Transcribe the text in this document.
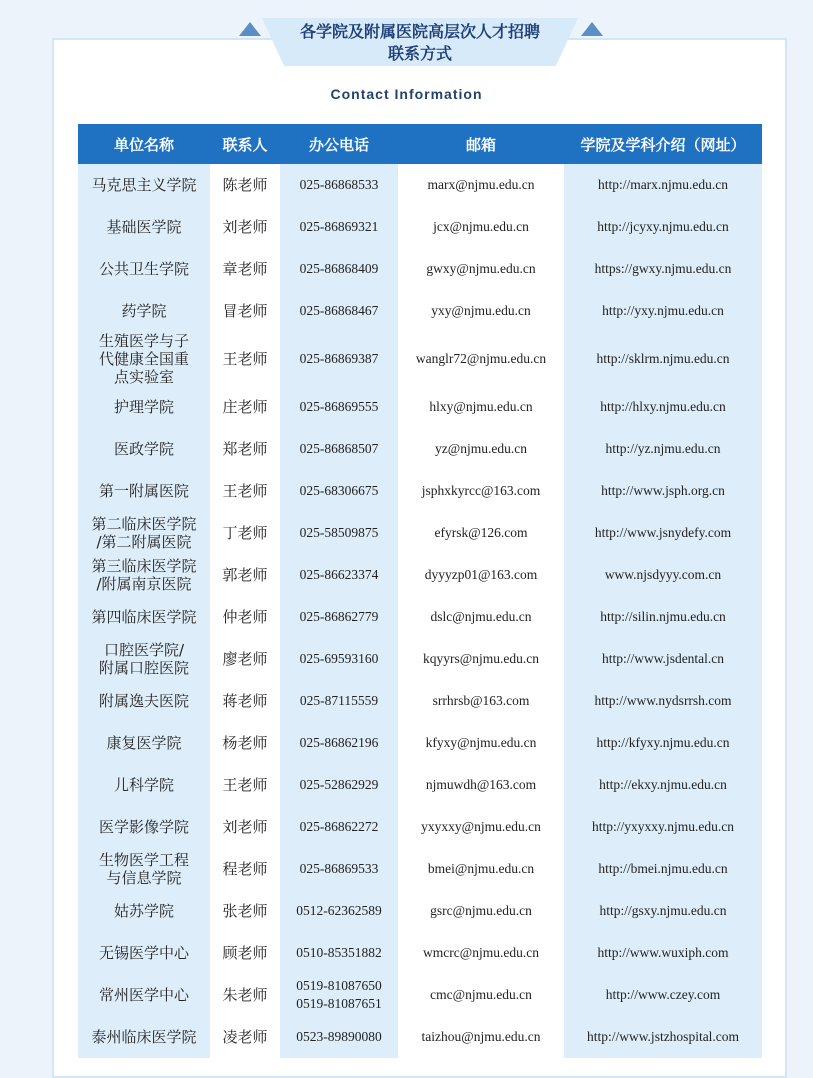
各学院及附属医院高层次人才招聘
联系方式
Contact Information
单位名称	联系人	办公电话	邮箱	学院及学科介绍（网址）
马克思主义学院	陈老师	025-86868533	marx@njmu.edu.cn	http://marx.njmu.edu.cn
基础医学院	刘老师	025-86869321	jcx@njmu.edu.cn	http://jcyxy.njmu.edu.cn
公共卫生学院	章老师	025-86868409	gwxy@njmu.edu.cn	https://gwxy.njmu.edu.cn
药学院	冒老师	025-86868467	yxy@njmu.edu.cn	http://yxy.njmu.edu.cn
生殖医学与子
代健康全国重
点实验室	王老师	025-86869387	wanglr72@njmu.edu.cn	http://sklrm.njmu.edu.cn
护理学院	庄老师	025-86869555	hlxy@njmu.edu.cn	http://hlxy.njmu.edu.cn
医政学院	郑老师	025-86868507	yz@njmu.edu.cn	http://yz.njmu.edu.cn
第一附属医院	王老师	025-68306675	jsphxkyrcc@163.com	http://www.jsph.org.cn
第二临床医学院
/第二附属医院	丁老师	025-58509875	efyrsk@126.com	http://www.jsnydefy.com
第三临床医学院
/附属南京医院	郭老师	025-86623374	dyyyzp01@163.com	www.njsdyyy.com.cn
第四临床医学院	仲老师	025-86862779	dslc@njmu.edu.cn	http://silin.njmu.edu.cn
口腔医学院/
附属口腔医院	廖老师	025-69593160	kqyyrs@njmu.edu.cn	http://www.jsdental.cn
附属逸夫医院	蒋老师	025-87115559	srrhrsb@163.com	http://www.nydsrrsh.com
康复医学院	杨老师	025-86862196	kfyxy@njmu.edu.cn	http://kfyxy.njmu.edu.cn
儿科学院	王老师	025-52862929	njmuwdh@163.com	http://ekxy.njmu.edu.cn
医学影像学院	刘老师	025-86862272	yxyxxy@njmu.edu.cn	http://yxyxxy.njmu.edu.cn
生物医学工程
与信息学院	程老师	025-86869533	bmei@njmu.edu.cn	http://bmei.njmu.edu.cn
姑苏学院	张老师	0512-62362589	gsrc@njmu.edu.cn	http://gsxy.njmu.edu.cn
无锡医学中心	顾老师	0510-85351882	wmcrc@njmu.edu.cn	http://www.wuxiph.com
常州医学中心	朱老师	0519-81087650
0519-81087651	cmc@njmu.edu.cn	http://www.czey.com
泰州临床医学院	凌老师	0523-89890080	taizhou@njmu.edu.cn	http://www.jstzhospital.com
